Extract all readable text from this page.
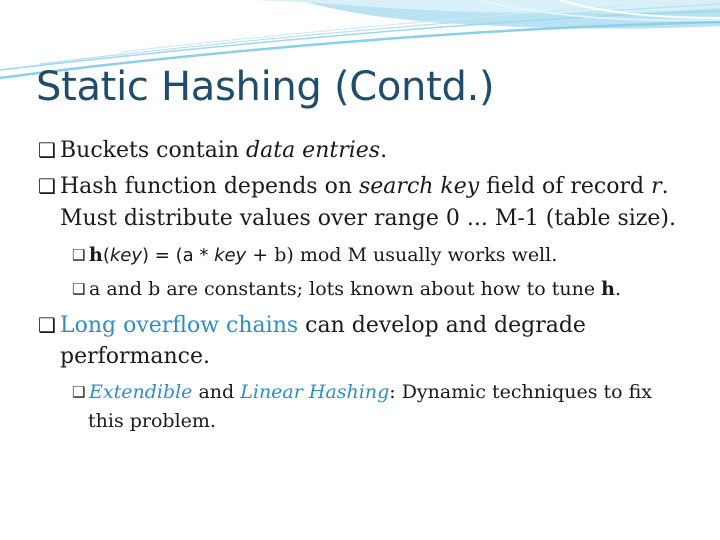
Static Hashing (Contd.)
❑ Buckets contain data entries.
❑ Hash function depends on search key field of record r.
Must distribute values over range 0 ... M-1 (table size).
❑ h(key) = (a * key + b) mod M usually works well.
❑ a and b are constants; lots known about how to tune h.
❑ Long overflow chains can develop and degrade
performance.
❑ Extendible and Linear Hashing: Dynamic techniques to fix
this problem.
